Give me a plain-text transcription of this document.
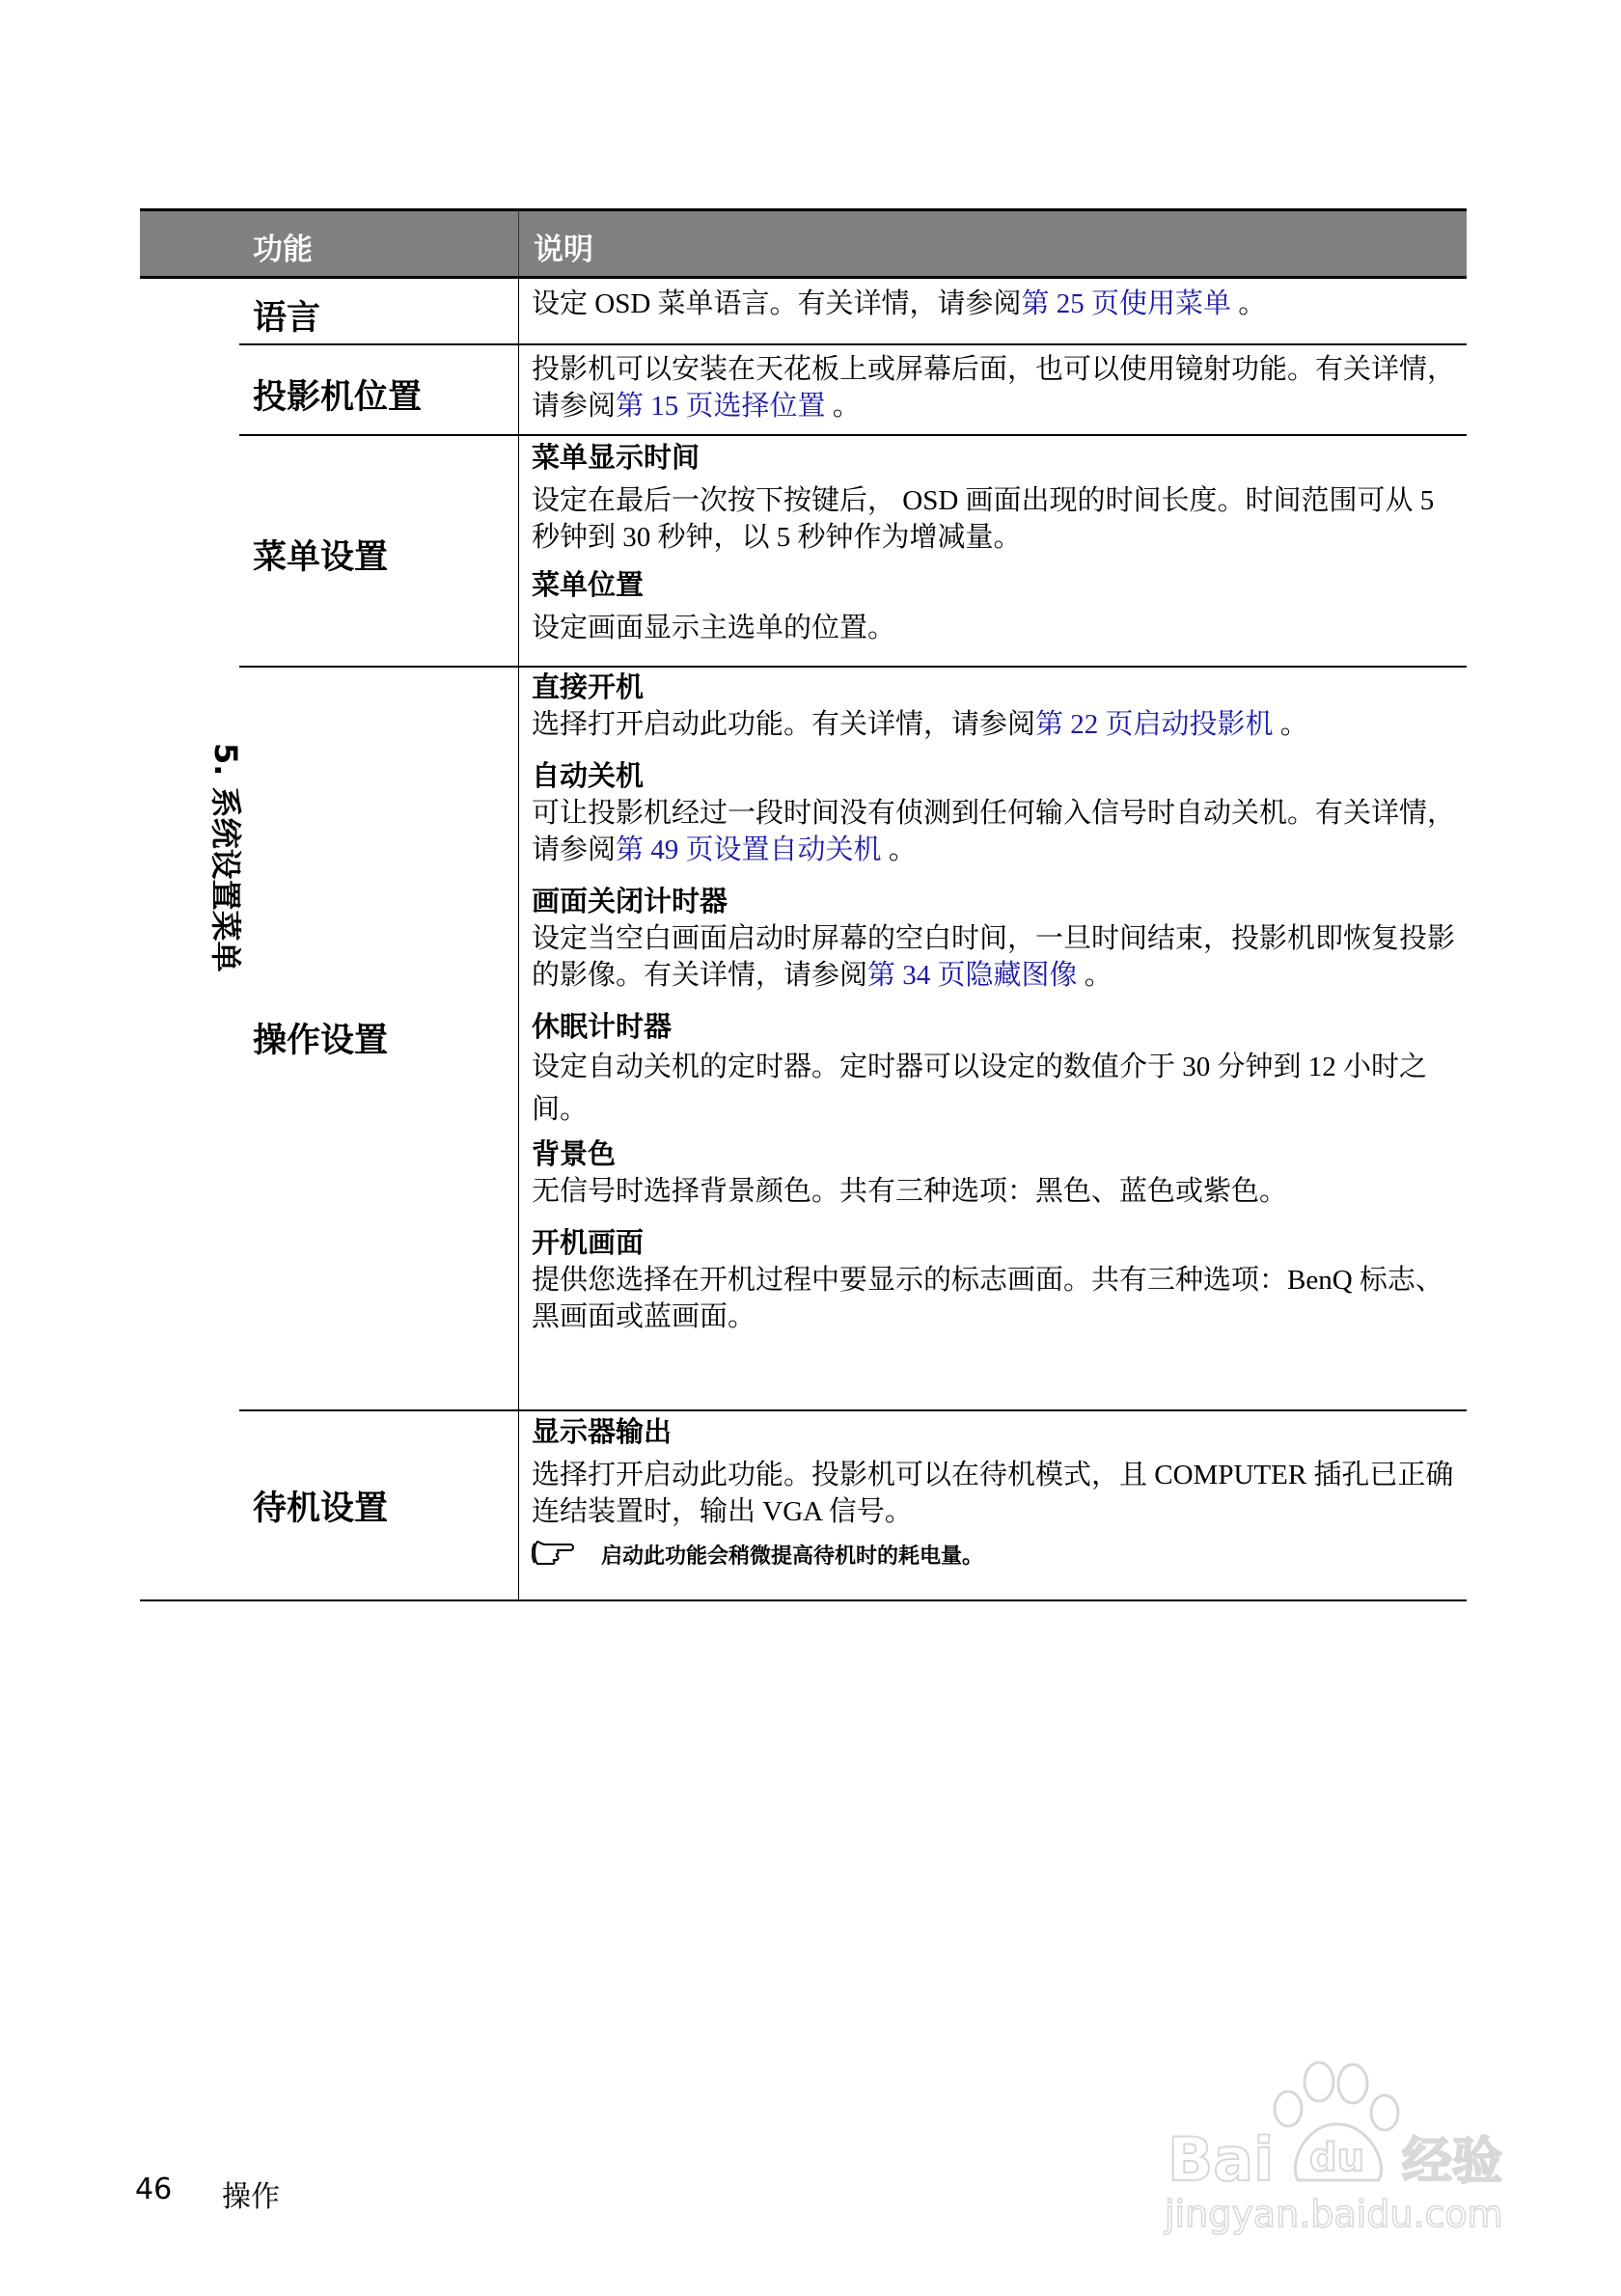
5. 系统设置菜单
功能	说明
语言	设定 OSD 菜单语言。有关详情，请参阅第 25 页使用菜单 。
投影机位置
投影机可以安装在天花板上或屏幕后面，也可以使用镜射功能。有关详情，请参阅第 15 页选择位置 。
菜单设置
菜单显示时间
设定在最后一次按下按键后， OSD 画面出现的时间长度。时间范围可从 5 秒钟到 30 秒钟，以 5 秒钟作为增减量。
菜单位置
设定画面显示主选单的位置。
操作设置
直接开机
选择打开启动此功能。有关详情，请参阅第 22 页启动投影机 。
自动关机
可让投影机经过一段时间没有侦测到任何输入信号时自动关机。有关详情，请参阅第 49 页设置自动关机 。
画面关闭计时器
设定当空白画面启动时屏幕的空白时间，一旦时间结束，投影机即恢复投影的影像。有关详情，请参阅第 34 页隐藏图像 。
休眠计时器
设定自动关机的定时器。定时器可以设定的数值介于 30 分钟到 12 小时之间。
背景色
无信号时选择背景颜色。共有三种选项：黑色、蓝色或紫色。
开机画面
提供您选择在开机过程中要显示的标志画面。共有三种选项：BenQ 标志、黑画面或蓝画面。
待机设置
显示器输出
选择打开启动此功能。投影机可以在待机模式，且 COMPUTER 插孔已正确连结装置时，输出 VGA 信号。
启动此功能会稍微提高待机时的耗电量。
46 操作
Bai du 经验
jingyan.baidu.com
